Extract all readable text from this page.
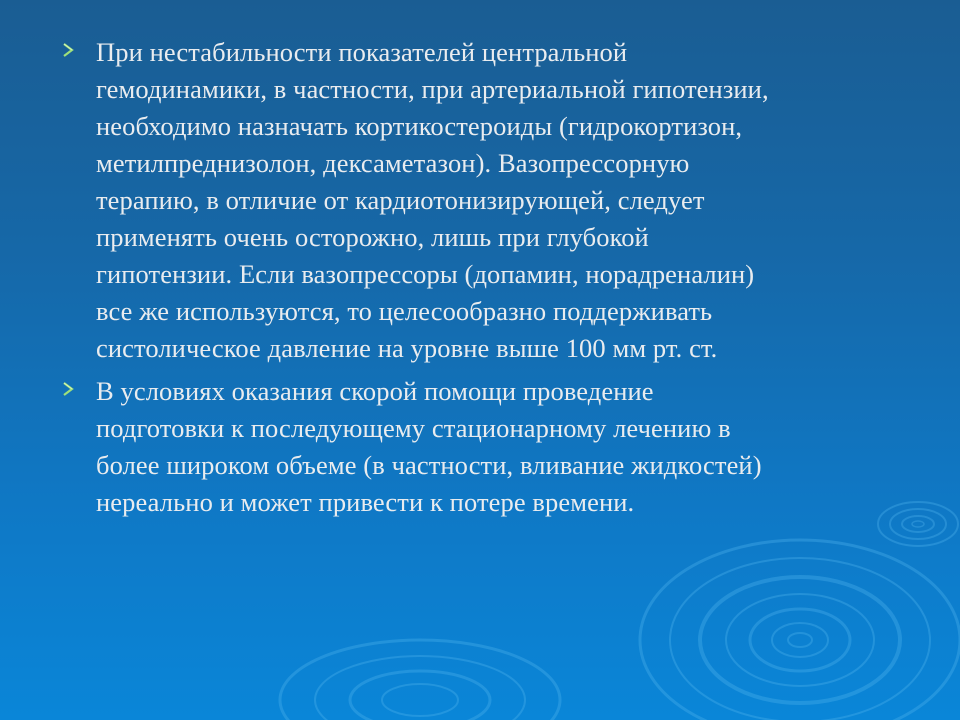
При нестабильности показателей центральной
гемодинамики, в частности, при артериальной гипотензии,
необходимо назначать кортикостероиды (гидрокортизон,
метилпреднизолон, дексаметазон). Вазопрессорную
терапию, в отличие от кардиотонизирующей, следует
применять очень осторожно, лишь при глубокой
гипотензии. Если вазопрессоры (допамин, норадреналин)
все же используются, то целесообразно поддерживать
систолическое давление на уровне выше 100 мм рт. ст.
В условиях оказания скорой помощи проведение
подготовки к последующему стационарному лечению в
более широком объеме (в частности, вливание жидкостей)
нереально и может привести к потере времени.
